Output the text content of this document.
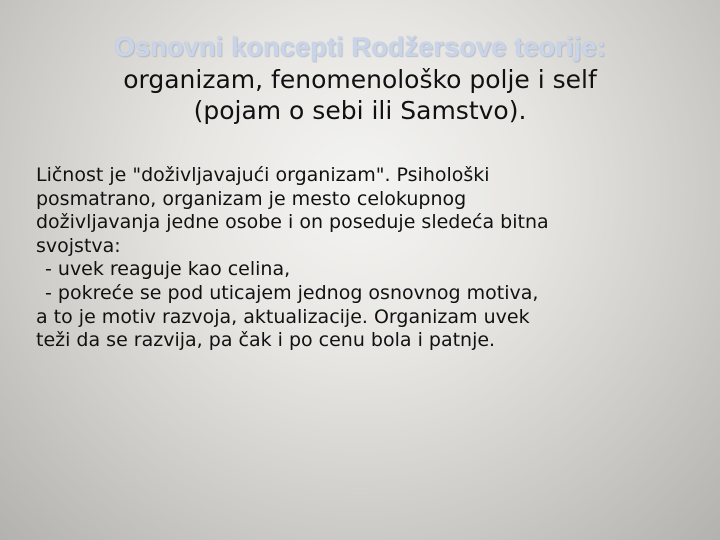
Osnovni koncepti Rodžersove teorije:
organizam, fenomenološko polje i self
(pojam o sebi ili Samstvo).
Ličnost je "doživljavajući organizam". Psihološki
posmatrano, organizam je mesto celokupnog
doživljavanja jedne osobe i on poseduje sledeća bitna
svojstva:
- uvek reaguje kao celina,
- pokreće se pod uticajem jednog osnovnog motiva,
a to je motiv razvoja, aktualizacije. Organizam uvek
teži da se razvija, pa čak i po cenu bola i patnje.
